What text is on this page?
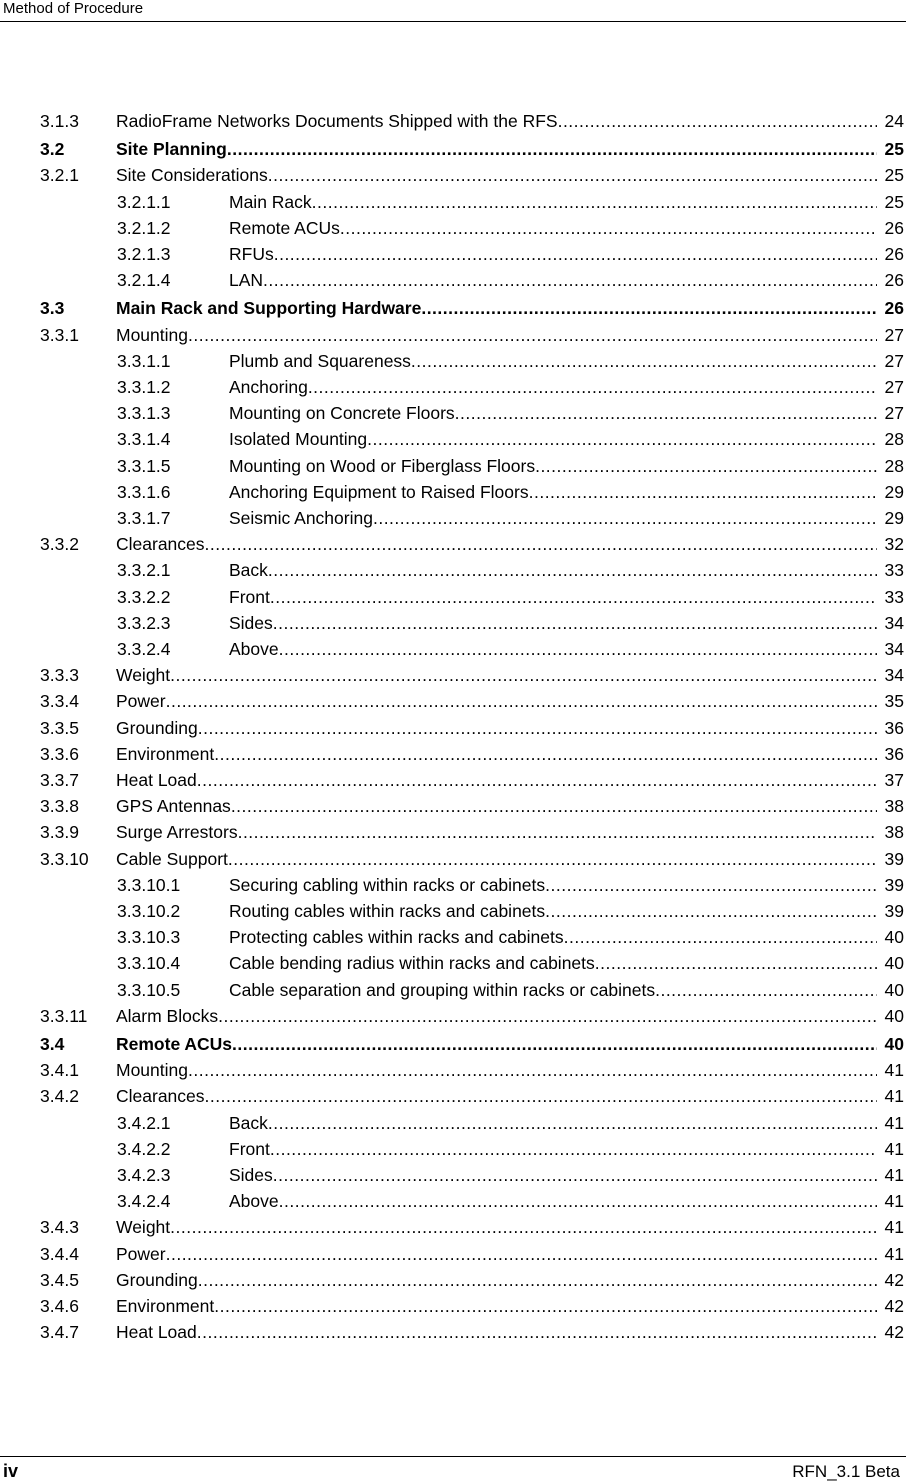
Method of Procedure
3.1.3 RadioFrame Networks Documents Shipped with the RFS .....	24
3.2	Site Planning .....	25
3.2.1 Site Considerations .....	25
3.2.1.1	Main Rack .....	25
3.2.1.2	Remote ACUs .....	26
3.2.1.3	RFUs .....	26
3.2.1.4	LAN .....	26
3.3	Main Rack and Supporting Hardware .....	26
3.3.1 Mounting .....	27
3.3.1.1	Plumb and Squareness .....	27
3.3.1.2	Anchoring .....	27
3.3.1.3	Mounting on Concrete Floors .....	27
3.3.1.4	Isolated Mounting .....	28
3.3.1.5	Mounting on Wood or Fiberglass Floors .....	28
3.3.1.6	Anchoring Equipment to Raised Floors .....	29
3.3.1.7	Seismic Anchoring .....	29
3.3.2 Clearances .....	32
3.3.2.1	Back .....	33
3.3.2.2	Front .....	33
3.3.2.3	Sides .....	34
3.3.2.4	Above .....	34
3.3.3 Weight .....	34
3.3.4 Power .....	35
3.3.5 Grounding .....	36
3.3.6 Environment .....	36
3.3.7 Heat Load .....	37
3.3.8 GPS Antennas .....	38
3.3.9 Surge Arrestors .....	38
3.3.10 Cable Support .....	39
3.3.10.1	Securing cabling within racks or cabinets .....	39
3.3.10.2	Routing cables within racks and cabinets .....	39
3.3.10.3	Protecting cables within racks and cabinets .....	40
3.3.10.4	Cable bending radius within racks and cabinets .....	40
3.3.10.5	Cable separation and grouping within racks or cabinets .....	40
3.3.11 Alarm Blocks .....	40
3.4	Remote ACUs .....	40
3.4.1 Mounting .....	41
3.4.2 Clearances .....	41
3.4.2.1	Back .....	41
3.4.2.2	Front .....	41
3.4.2.3	Sides .....	41
3.4.2.4	Above .....	41
3.4.3 Weight .....	41
3.4.4 Power .....	41
3.4.5 Grounding .....	42
3.4.6 Environment .....	42
3.4.7 Heat Load .....	42
iv	RFN_3.1 Beta
